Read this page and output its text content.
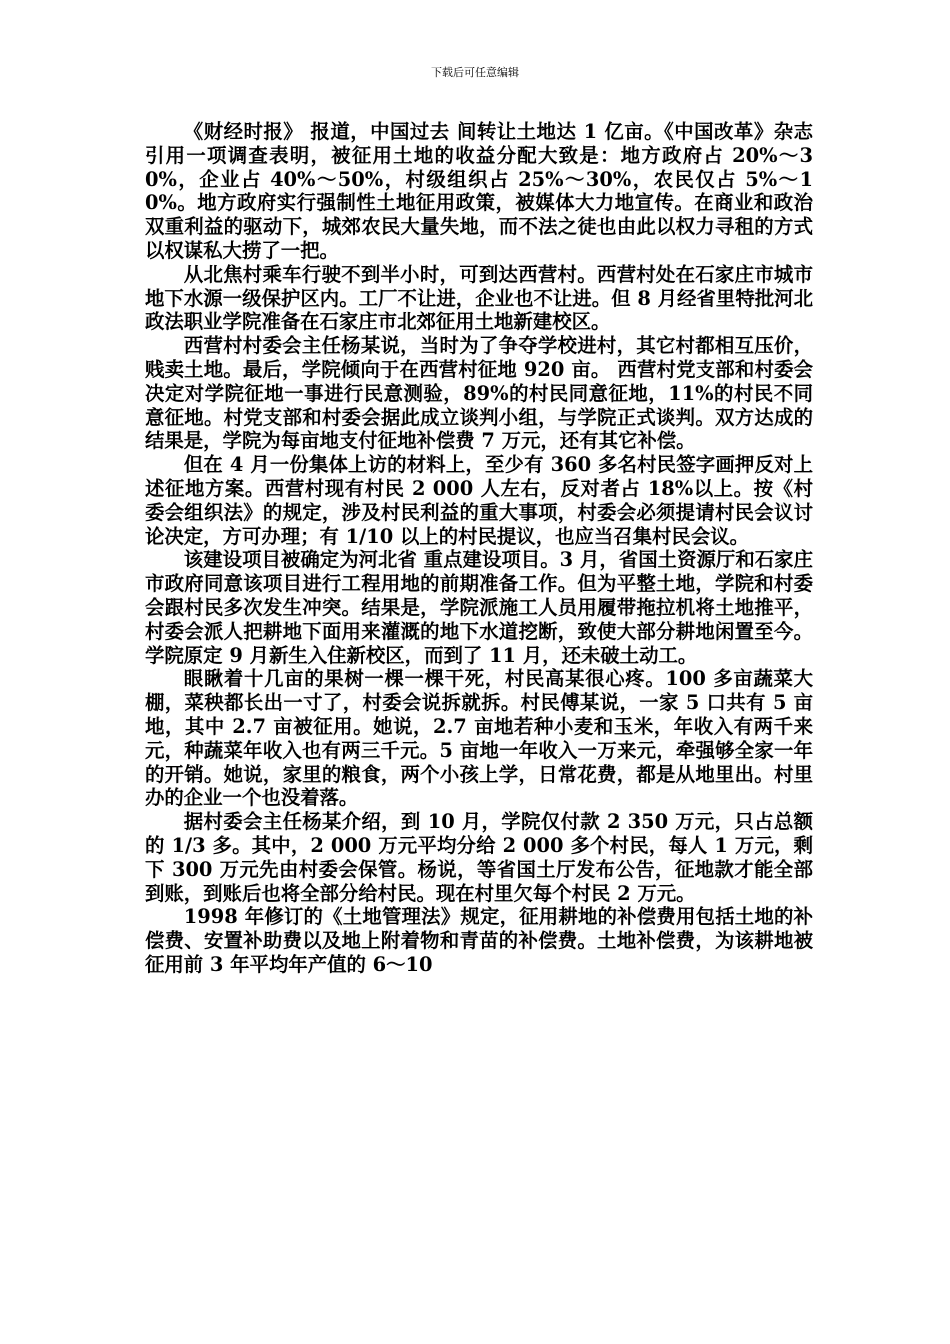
下载后可任意编辑

《财经时报》 报道，中国过去 间转让土地达 1 亿亩。《中国改革》杂志 引用一项调查表明，被征用土地的收益分配大致是：地方政府占 20%～30%，企业占 40%～50%，村级组织占 25%～30%，农民仅占 5%～10%。地方政府实行强制性土地征用政策，被媒体大力地宣传。在商业和政治双重利益的驱动下，城郊农民大量失地，而不法之徒也由此以权力寻租的方式以权谋私大捞了一把。

从北焦村乘车行驶不到半小时，可到达西营村。西营村处在石家庄市城市地下水源一级保护区内。工厂不让进，企业也不让进。但 8 月经省里特批河北政法职业学院准备在石家庄市北郊征用土地新建校区。

西营村村委会主任杨某说，当时为了争夺学校进村，其它村都相互压价，贱卖土地。最后，学院倾向于在西营村征地 920 亩。 西营村党支部和村委会决定对学院征地一事进行民意测验，89%的村民同意征地，11%的村民不同意征地。村党支部和村委会据此成立谈判小组，与学院正式谈判。双方达成的结果是，学院为每亩地支付征地补偿费 7 万元，还有其它补偿。

但在 4 月一份集体上访的材料上，至少有 360 多名村民签字画押反对上述征地方案。西营村现有村民 2 000 人左右，反对者占 18%以上。按《村委会组织法》的规定，涉及村民利益的重大事项，村委会必须提请村民会议讨论决定，方可办理；有 1/10 以上的村民提议，也应当召集村民会议。

该建设项目被确定为河北省 重点建设项目。3 月，省国土资源厅和石家庄市政府同意该项目进行工程用地的前期准备工作。但为平整土地，学院和村委会跟村民多次发生冲突。结果是，学院派施工人员用履带拖拉机将土地推平，村委会派人把耕地下面用来灌溉的地下水道挖断，致使大部分耕地闲置至今。学院原定 9 月新生入住新校区，而到了 11 月，还未破土动工。

眼瞅着十几亩的果树一棵一棵干死，村民高某很心疼。100 多亩蔬菜大棚，菜秧都长出一寸了，村委会说拆就拆。村民傅某说，一家 5 口共有 5 亩地，其中 2.7 亩被征用。她说，2.7 亩地若种小麦和玉米，年收入有两千来元，种蔬菜年收入也有两三千元。5 亩地一年收入一万来元，牵强够全家一年的开销。她说，家里的粮食，两个小孩上学，日常花费，都是从地里出。村里办的企业一个也没着落。

据村委会主任杨某介绍，到 10 月，学院仅付款 2 350 万元，只占总额的 1/3 多。其中，2 000 万元平均分给 2 000 多个村民，每人 1 万元，剩下 300 万元先由村委会保管。杨说，等省国土厅发布公告，征地款才能全部到账，到账后也将全部分给村民。现在村里欠每个村民 2 万元。

1998 年修订的《土地管理法》规定，征用耕地的补偿费用包括土地的补偿费、安置补助费以及地上附着物和青苗的补偿费。土地补偿费，为该耕地被征用前 3 年平均年产值的 6～10
